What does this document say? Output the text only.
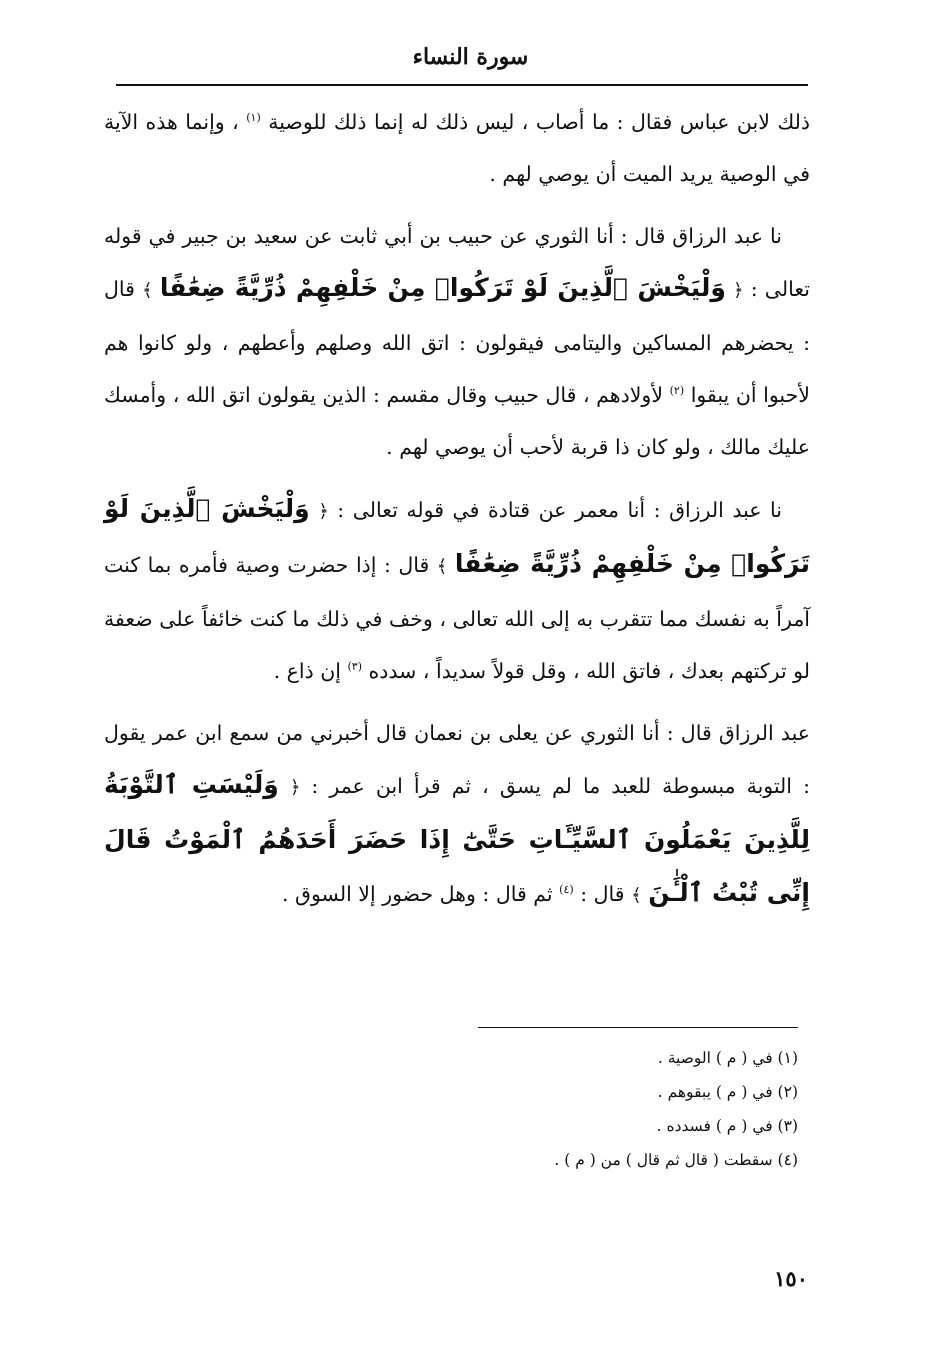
سورة النساء

ذلك لابن عباس فقال : ما أصاب ، ليس ذلك له إنما ذلك للوصية $^{(١)}$ ، وإنما هذه الآية في الوصية يريد الميت أن يوصي لهم .

نا عبد الرزاق قال : أنا الثوري عن حبيب بن أبي ثابت عن سعيد بن جبير في قوله تعالى : ﴿ وَلْيَخْشَ ٱلَّذِينَ لَوْ تَرَكُوا۟ مِنْ خَلْفِهِمْ ذُرِّيَّةً ضِعَٰفًا ﴾ قال : يحضرهم المساكين واليتامى فيقولون : اتق الله وصلهم وأعطهم ، ولو كانوا هم لأحبوا أن يبقوا $^{(٢)}$ لأولادهم ، قال حبيب وقال مقسم : الذين يقولون اتق الله ، وأمسك عليك مالك ، ولو كان ذا قربة لأحب أن يوصي لهم .

نا عبد الرزاق : أنا معمر عن قتادة في قوله تعالى : ﴿ وَلْيَخْشَ ٱلَّذِينَ لَوْ تَرَكُوا۟ مِنْ خَلْفِهِمْ ذُرِّيَّةً ضِعَٰفًا ﴾ قال : إذا حضرت وصية فأمره بما كنت آمراً به نفسك مما تتقرب به إلى الله تعالى ، وخف في ذلك ما كنت خائفاً على ضعفة لو تركتهم بعدك ، فاتق الله ، وقل قولاً سديداً ، سدده $^{(٣)}$ إن ذاع .

عبد الرزاق قال : أنا الثوري عن يعلى بن نعمان قال أخبرني من سمع ابن عمر يقول : التوبة مبسوطة للعبد ما لم يسق ، ثم قرأ ابن عمر : ﴿ وَلَيْسَتِ ٱلتَّوْبَةُ لِلَّذِينَ يَعْمَلُونَ ٱلسَّيِّـَٔاتِ حَتَّىٰٓ إِذَا حَضَرَ أَحَدَهُمُ ٱلْمَوْتُ قَالَ إِنِّى تُبْتُ ٱلْـَٰٔنَ ﴾ قال : $^{(٤)}$ ثم قال : وهل حضور إلا السوق .

(١) في ( م ) الوصية .

(٢) في ( م ) يبقوهم .

(٣) في ( م ) فسدده .

(٤) سقطت ( قال ثم قال ) من ( م ) .

١٥٠
